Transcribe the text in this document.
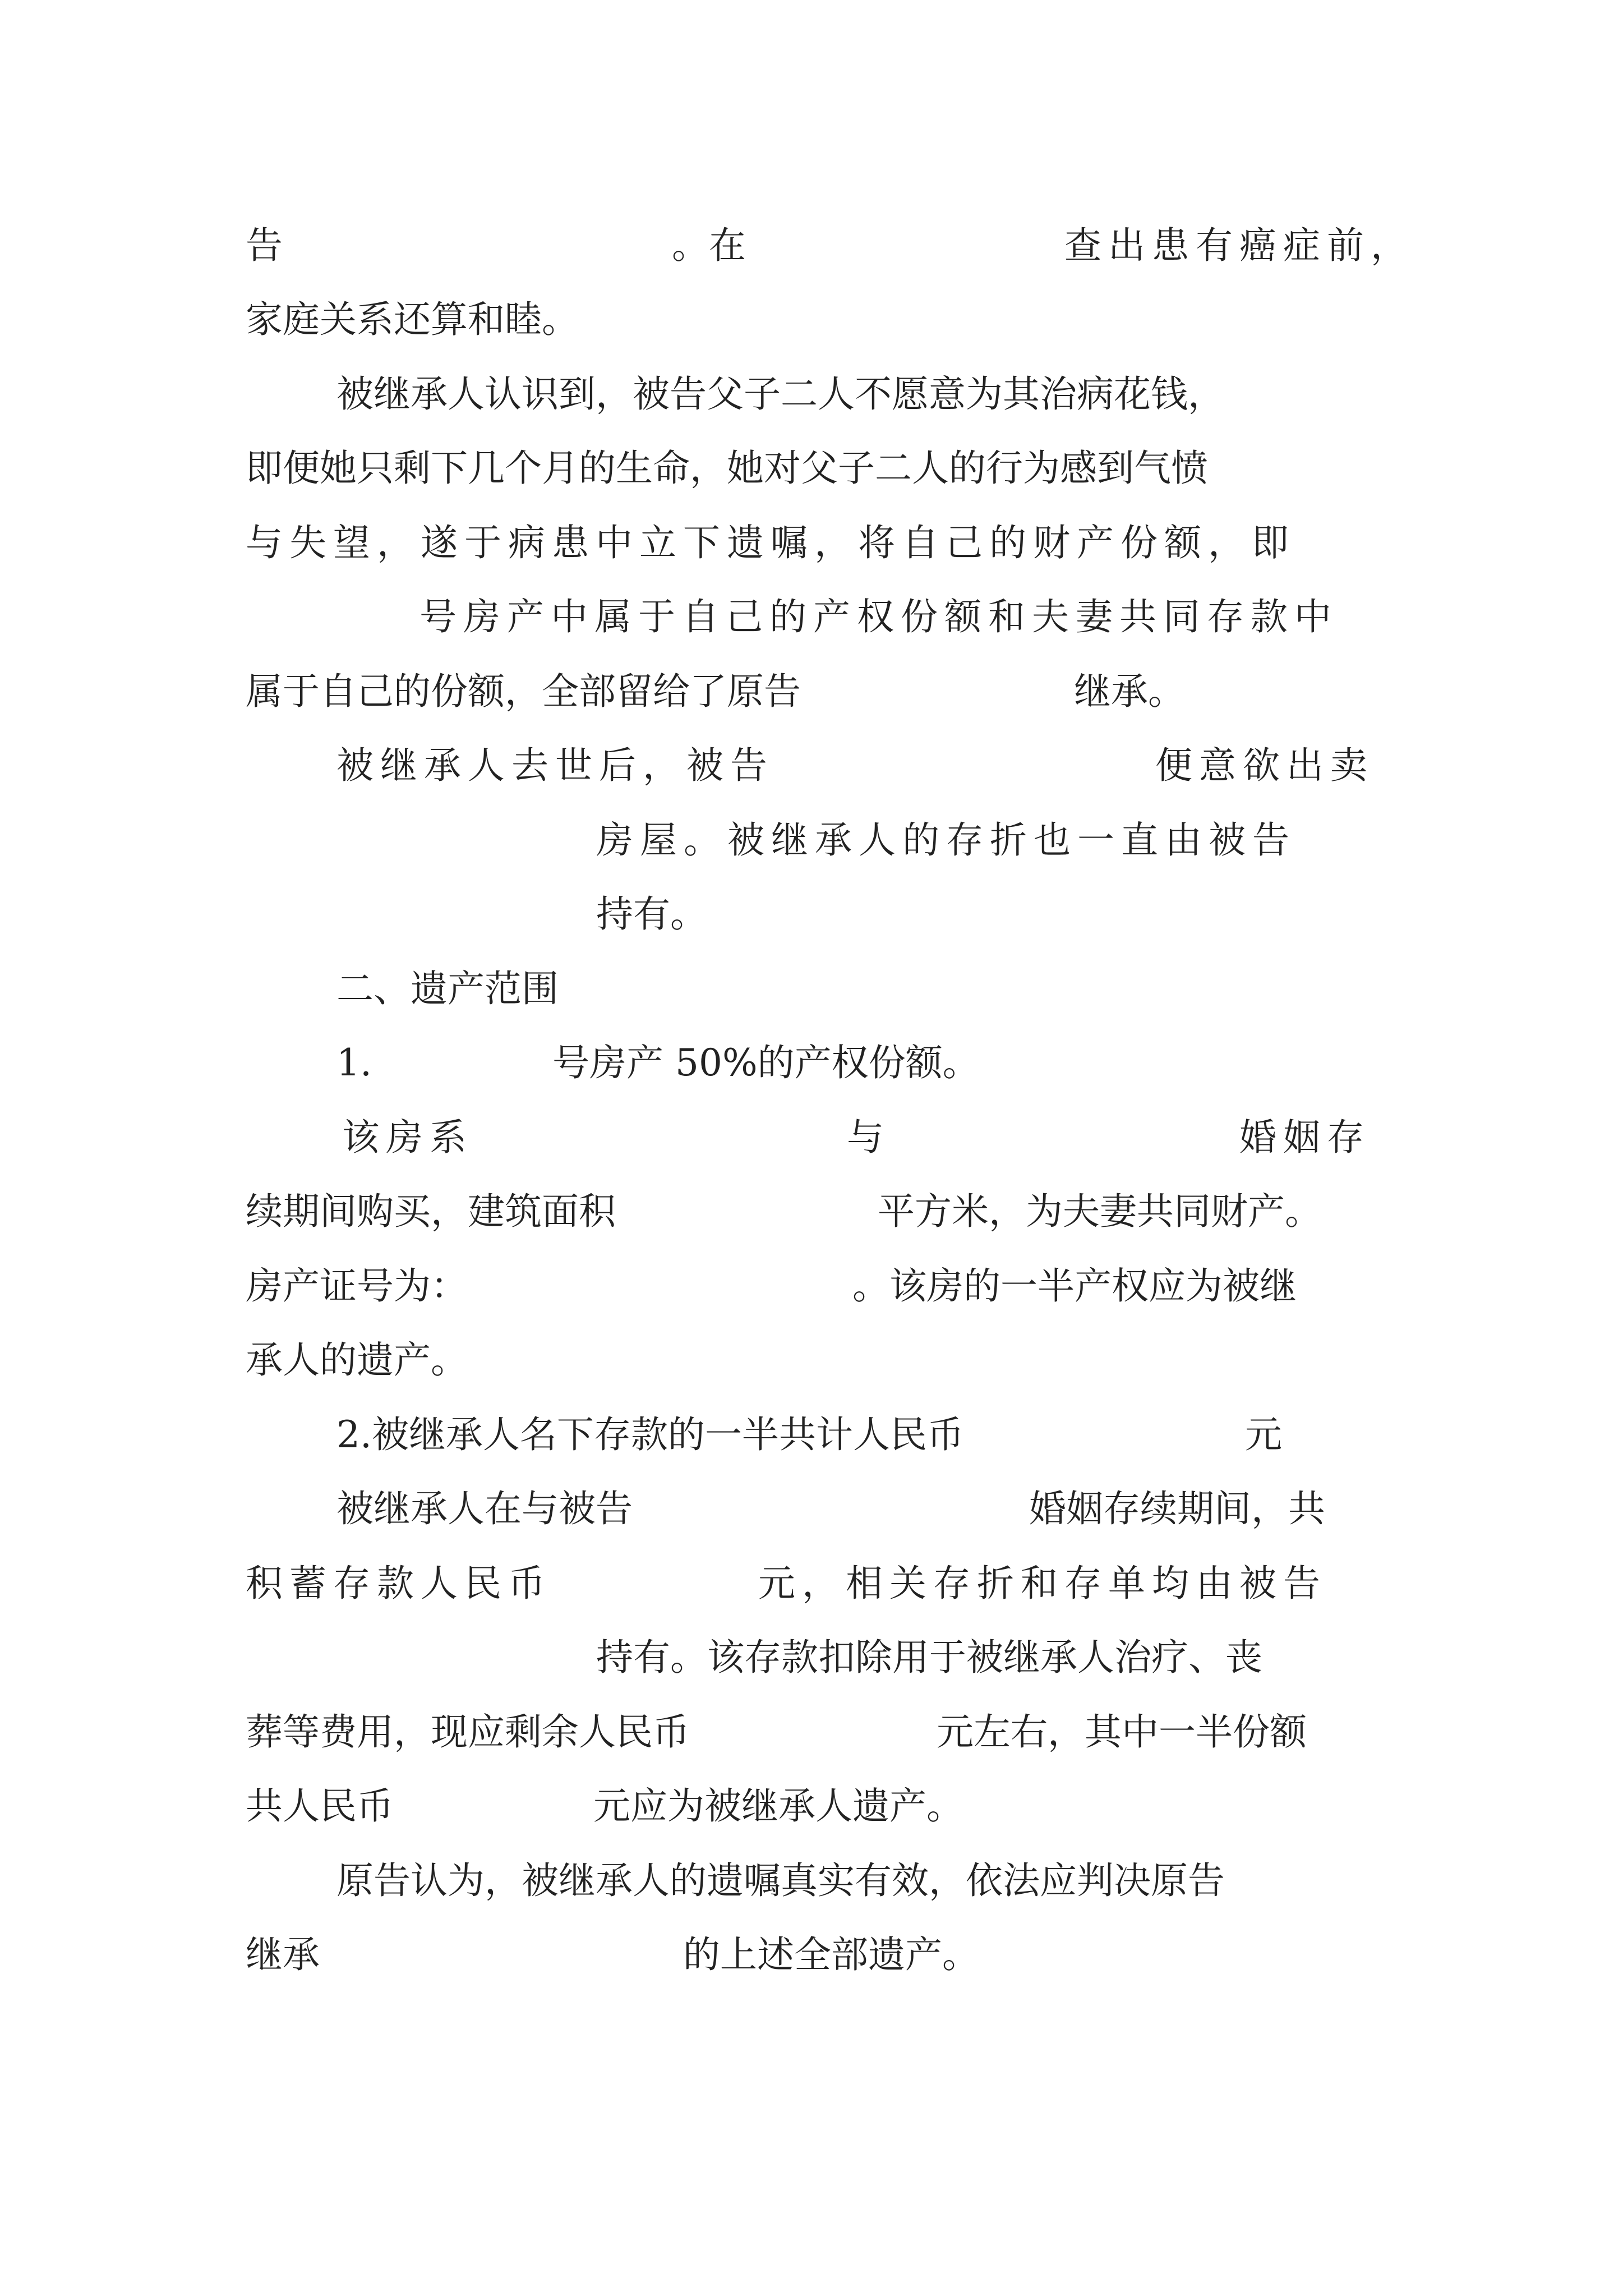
告	。在	查出患有癌症前，
家庭关系还算和睦。
被继承人认识到，被告父子二人不愿意为其治病花钱，
即便她只剩下几个月的生命，她对父子二人的行为感到气愤
与失望，遂于病患中立下遗嘱，将自己的财产份额，即
号房产中属于自己的产权份额和夫妻共同存款中
属于自己的份额，全部留给了原告	继承。
被继承人去世后，被告	便意欲出卖
房屋。被继承人的存折也一直由被告
持有。
二、遗产范围
1.	号房产 50%的产权份额。
该房系	与	婚姻存
续期间购买，建筑面积	平方米，为夫妻共同财产。
房产证号为：	。该房的一半产权应为被继
承人的遗产。
2.被继承人名下存款的一半共计人民币	元
被继承人在与被告	婚姻存续期间，共
积蓄存款人民币	元，相关存折和存单均由被告
持有。该存款扣除用于被继承人治疗、丧
葬等费用，现应剩余人民币	元左右，其中一半份额
共人民币	元应为被继承人遗产。
原告认为，被继承人的遗嘱真实有效，依法应判决原告
继承	的上述全部遗产。
